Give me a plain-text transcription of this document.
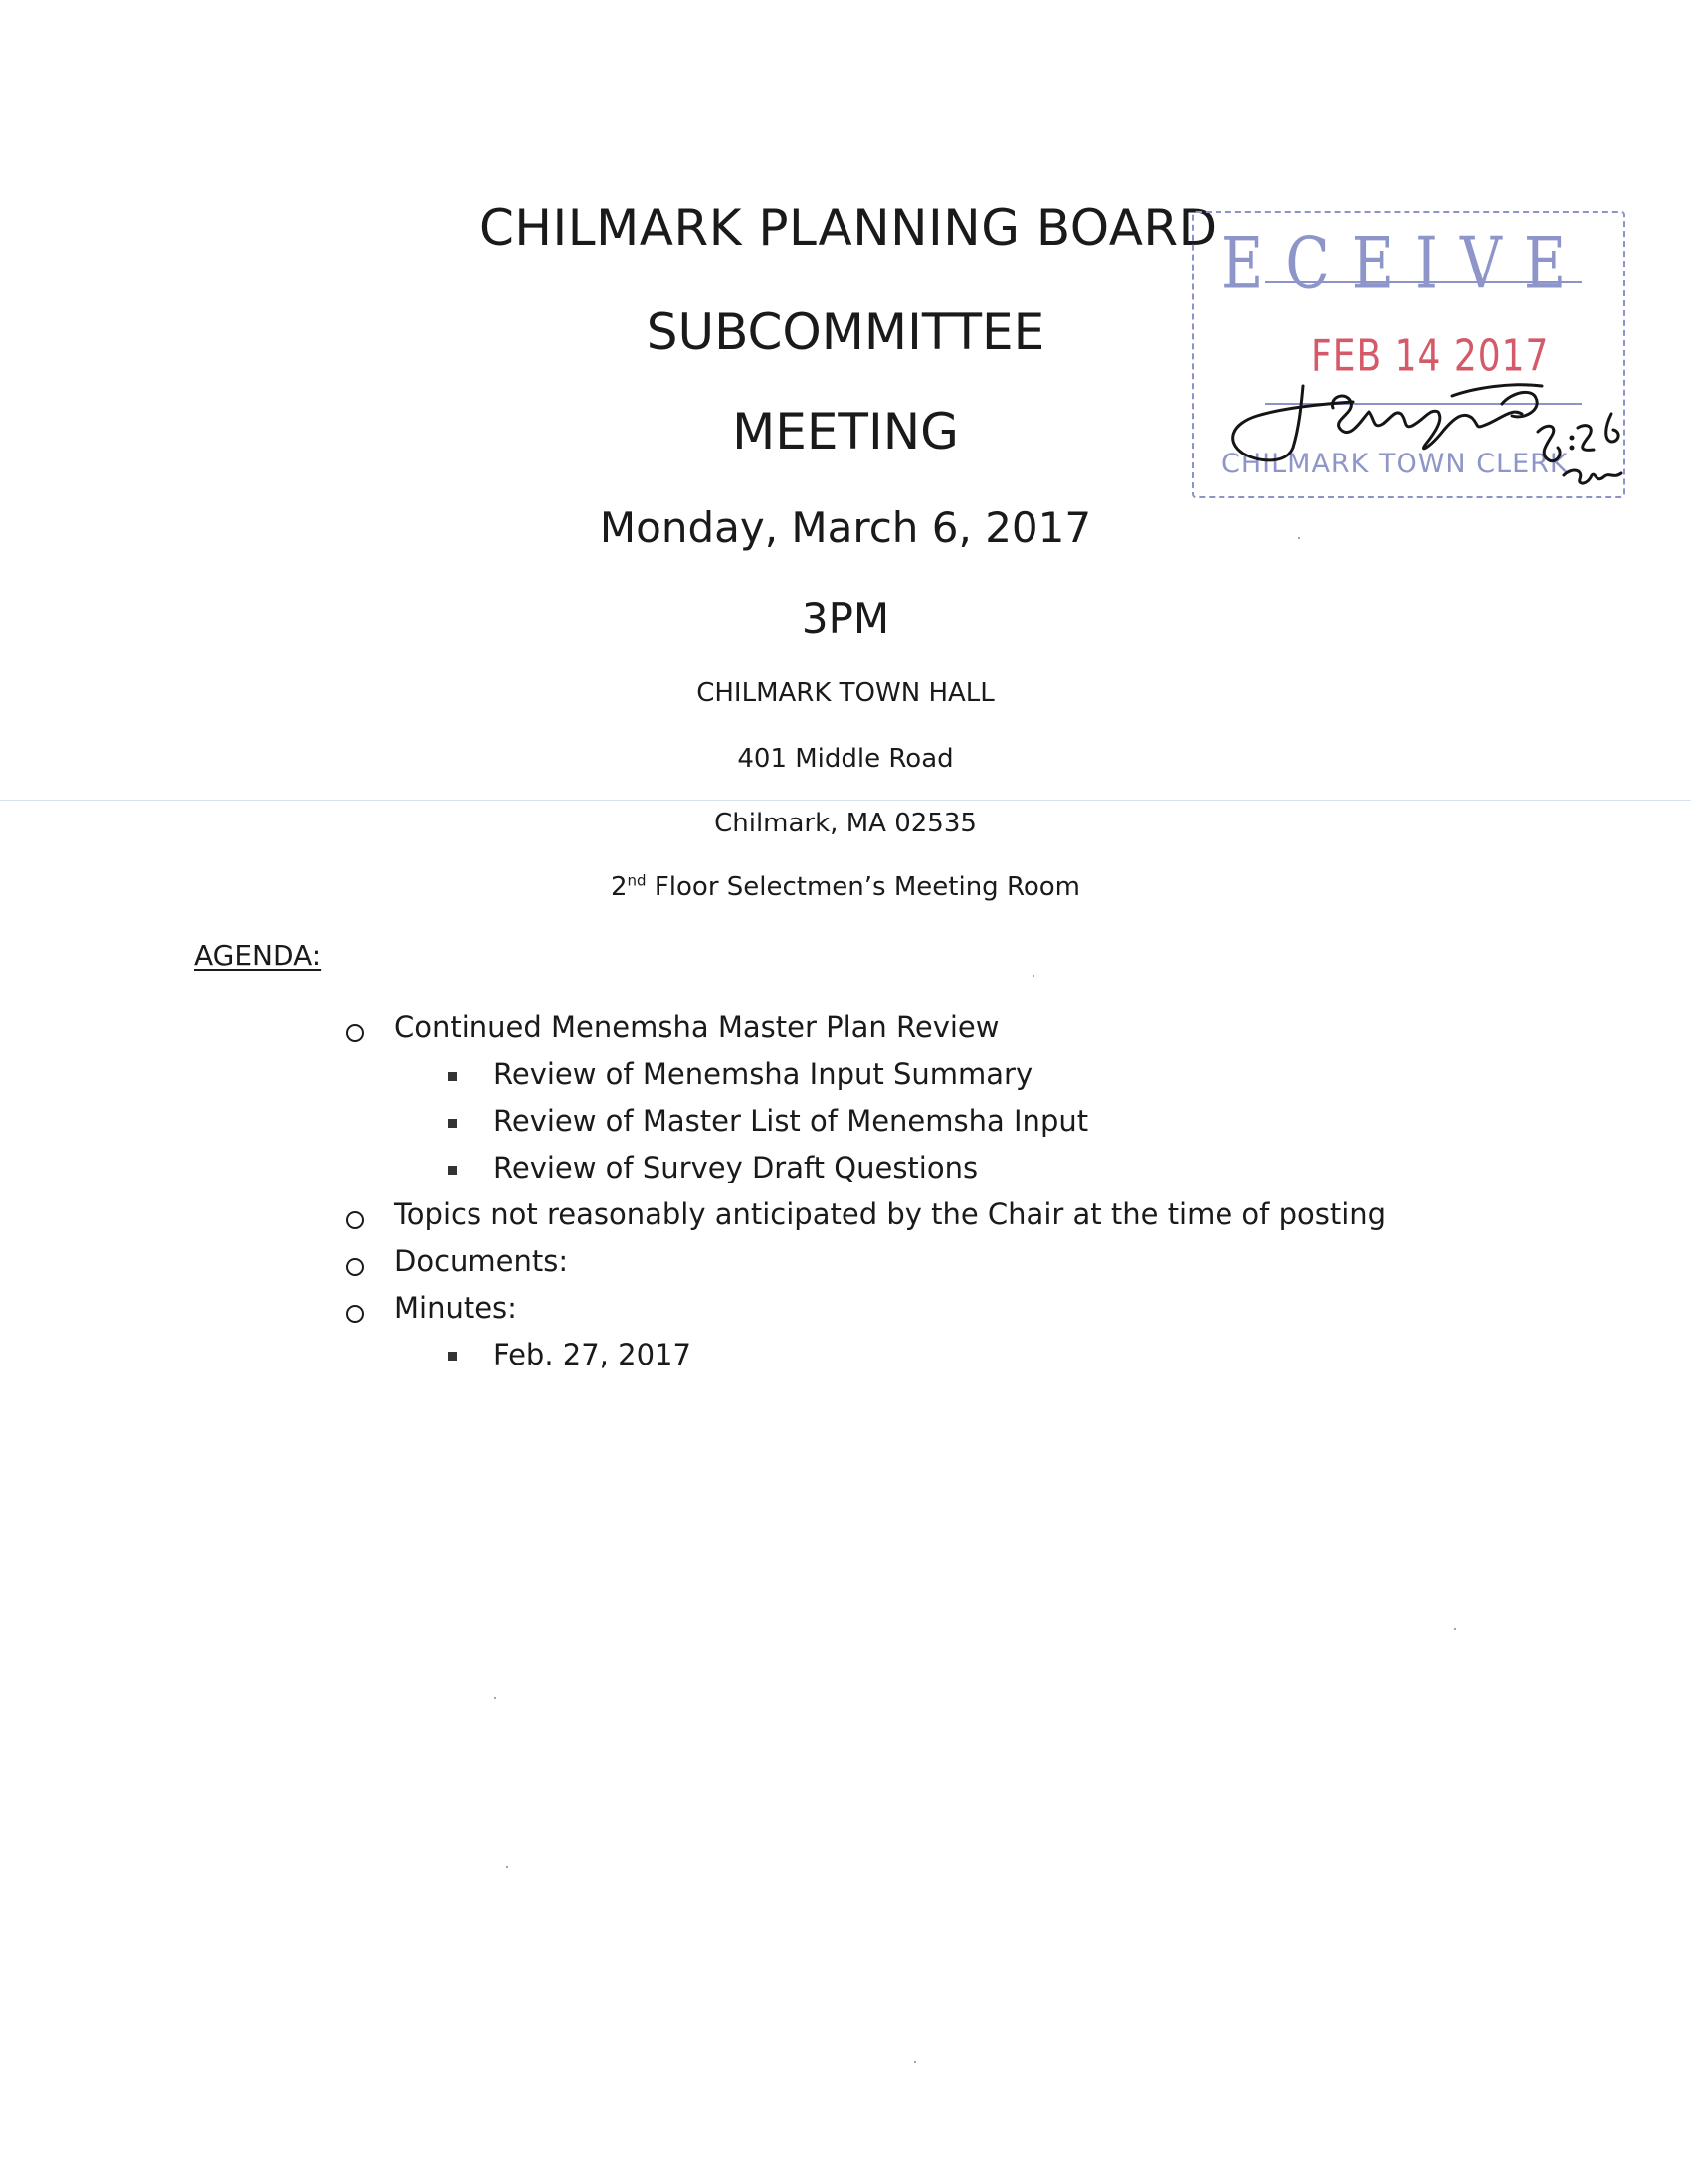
CHILMARK PLANNING BOARD
SUBCOMMITTEE
MEETING
Monday, March 6, 2017
3PM
CHILMARK TOWN HALL
401 Middle Road
Chilmark, MA 02535
2nd Floor Selectmen’s Meeting Room
AGENDA:
Continued Menemsha Master Plan Review
Review of Menemsha Input Summary
Review of Master List of Menemsha Input
Review of Survey Draft Questions
Topics not reasonably anticipated by the Chair at the time of posting
Documents:
Minutes:
Feb. 27, 2017
ECEIVE
FEB 14 2017
CHILMARK TOWN CLERK
